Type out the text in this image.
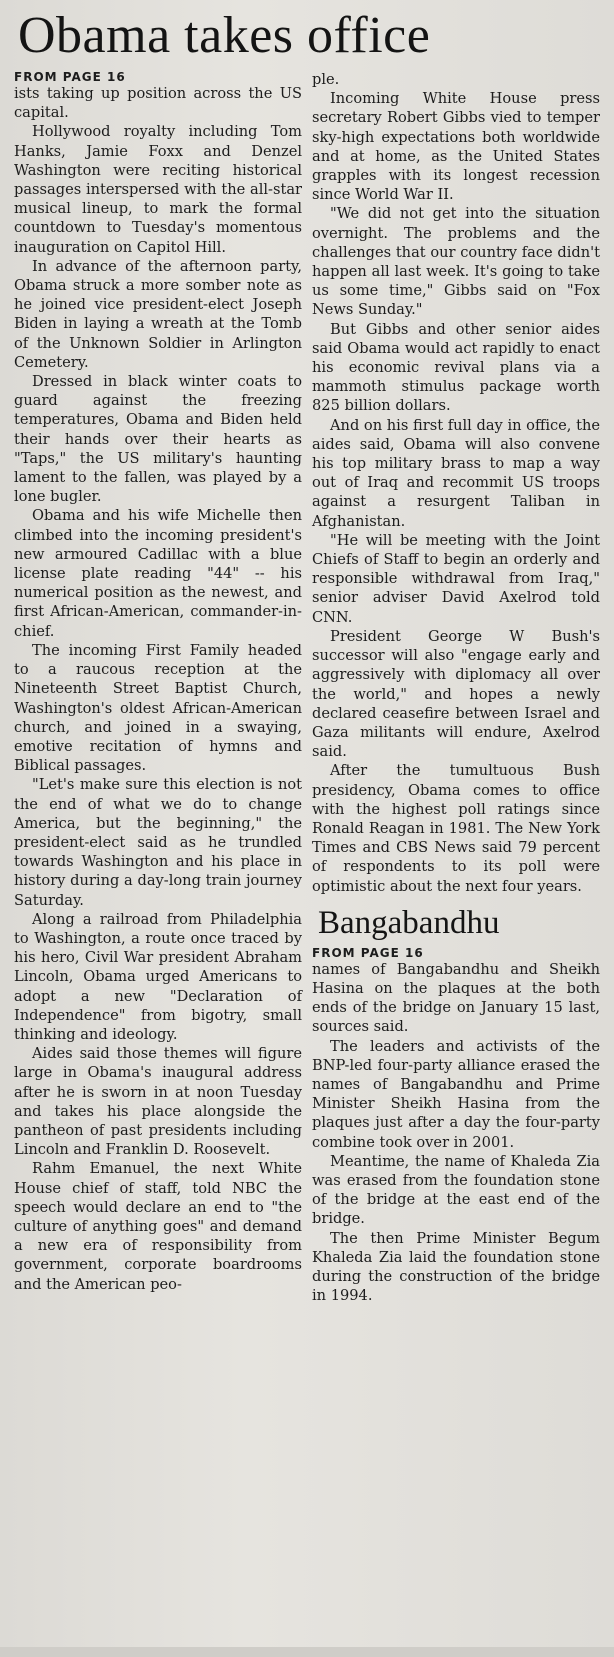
Obama takes office
FROM PAGE 16

ists taking up position across the US capital.

Hollywood royalty including Tom Hanks, Jamie Foxx and Denzel Washington were reciting historical passages interspersed with the all-star musical lineup, to mark the formal countdown to Tuesday's momentous inauguration on Capitol Hill.

In advance of the afternoon party, Obama struck a more somber note as he joined vice president-elect Joseph Biden in laying a wreath at the Tomb of the Unknown Soldier in Arlington Cemetery.

Dressed in black winter coats to guard against the freezing temperatures, Obama and Biden held their hands over their hearts as "Taps," the US military's haunting lament to the fallen, was played by a lone bugler.

Obama and his wife Michelle then climbed into the incoming president's new armoured Cadillac with a blue license plate reading "44" -- his numerical position as the newest, and first African-American, commander-in-chief.

The incoming First Family headed to a raucous reception at the Nineteenth Street Baptist Church, Washington's oldest African-American church, and joined in a swaying, emotive recitation of hymns and Biblical passages.

"Let's make sure this election is not the end of what we do to change America, but the beginning," the president-elect said as he trundled towards Washington and his place in history during a day-long train journey Saturday.

Along a railroad from Philadelphia to Washington, a route once traced by his hero, Civil War president Abraham Lincoln, Obama urged Americans to adopt a new "Declaration of Independence" from bigotry, small thinking and ideology.

Aides said those themes will figure large in Obama's inaugural address after he is sworn in at noon Tuesday and takes his place alongside the pantheon of past presidents including Lincoln and Franklin D. Roosevelt.

Rahm Emanuel, the next White House chief of staff, told NBC the speech would declare an end to "the culture of anything goes" and demand a new era of responsibility from government, corporate boardrooms and the American peo-

ple.

Incoming White House press secretary Robert Gibbs vied to temper sky-high expectations both worldwide and at home, as the United States grapples with its longest recession since World War II.

"We did not get into the situation overnight. The problems and the challenges that our country face didn't happen all last week. It's going to take us some time," Gibbs said on "Fox News Sunday."

But Gibbs and other senior aides said Obama would act rapidly to enact his economic revival plans via a mammoth stimulus package worth 825 billion dollars.

And on his first full day in office, the aides said, Obama will also convene his top military brass to map a way out of Iraq and recommit US troops against a resurgent Taliban in Afghanistan.

"He will be meeting with the Joint Chiefs of Staff to begin an orderly and responsible withdrawal from Iraq," senior adviser David Axelrod told CNN.

President George W Bush's successor will also "engage early and aggressively with diplomacy all over the world," and hopes a newly declared ceasefire between Israel and Gaza militants will endure, Axelrod said.

After the tumultuous Bush presidency, Obama comes to office with the highest poll ratings since Ronald Reagan in 1981. The New York Times and CBS News said 79 percent of respondents to its poll were optimistic about the next four years.

Bangabandhu
FROM PAGE 16

names of Bangabandhu and Sheikh Hasina on the plaques at the both ends of the bridge on January 15 last, sources said.

The leaders and activists of the BNP-led four-party alliance erased the names of Bangabandhu and Prime Minister Sheikh Hasina from the plaques just after a day the four-party combine took over in 2001.

Meantime, the name of Khaleda Zia was erased from the foundation stone of the bridge at the east end of the bridge.

The then Prime Minister Begum Khaleda Zia laid the foundation stone during the construction of the bridge in 1994.
